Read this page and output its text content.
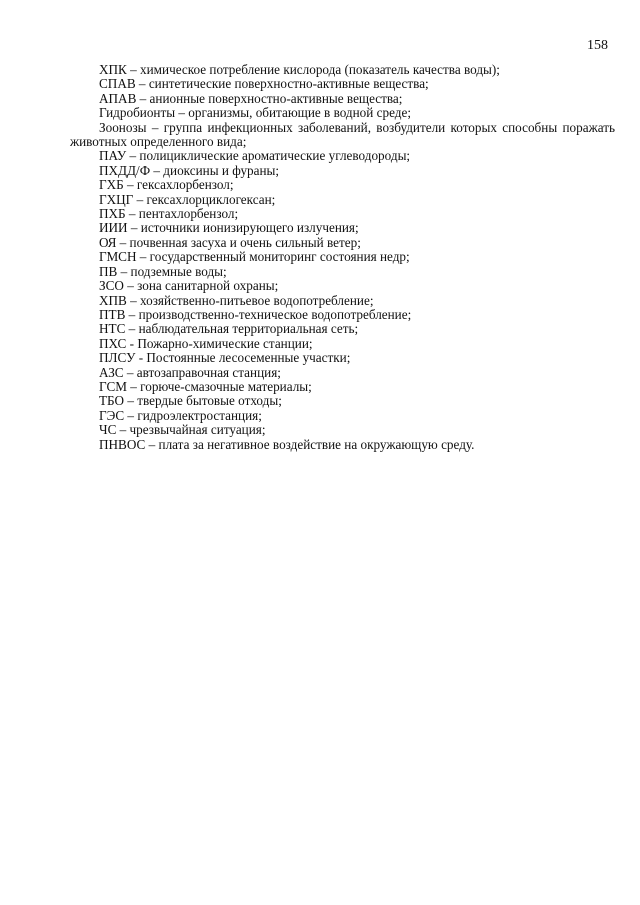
158
ХПК – химическое потребление кислорода (показатель качества воды);
СПАВ – синтетические поверхностно-активные вещества;
АПАВ – анионные поверхностно-активные вещества;
Гидробионты – организмы, обитающие в водной среде;
Зоонозы – группа инфекционных заболеваний, возбудители которых способны поражать животных определенного вида;
ПАУ – полициклические ароматические углеводороды;
ПХДД/Ф – диоксины и фураны;
ГХБ – гексахлорбензол;
ГХЦГ – гексахлорциклогексан;
ПХБ – пентахлорбензол;
ИИИ – источники ионизирующего излучения;
ОЯ – почвенная засуха и очень сильный ветер;
ГМСН – государственный мониторинг состояния недр;
ПВ – подземные воды;
ЗСО – зона санитарной охраны;
ХПВ – хозяйственно-питьевое водопотребление;
ПТВ – производственно-техническое водопотребление;
НТС – наблюдательная территориальная сеть;
ПХС - Пожарно-химические станции;
ПЛСУ - Постоянные лесосеменные участки;
АЗС – автозаправочная станция;
ГСМ – горюче-смазочные материалы;
ТБО – твердые бытовые отходы;
ГЭС – гидроэлектростанция;
ЧС – чрезвычайная ситуация;
ПНВОС – плата за негативное воздействие на окружающую среду.
